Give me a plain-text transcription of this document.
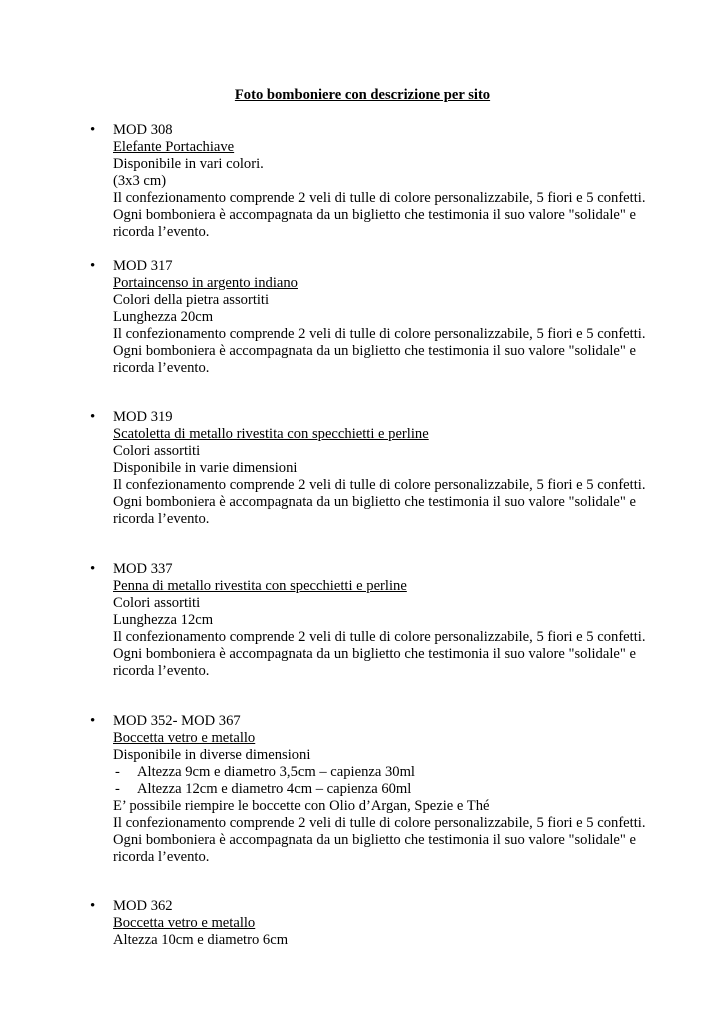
Foto bomboniere con descrizione per sito
• MOD 308
Elefante Portachiave
Disponibile in vari colori.
(3x3 cm)
Il confezionamento comprende 2 veli di tulle di colore personalizzabile, 5 fiori e 5 confetti.
Ogni bomboniera è accompagnata da un biglietto che testimonia il suo valore "solidale" e
ricorda l’evento.
• MOD 317
Portaincenso in argento indiano
Colori della pietra assortiti
Lunghezza 20cm
Il confezionamento comprende 2 veli di tulle di colore personalizzabile, 5 fiori e 5 confetti.
Ogni bomboniera è accompagnata da un biglietto che testimonia il suo valore "solidale" e
ricorda l’evento.
• MOD 319
Scatoletta di metallo rivestita con specchietti e perline
Colori assortiti
Disponibile in varie dimensioni
Il confezionamento comprende 2 veli di tulle di colore personalizzabile, 5 fiori e 5 confetti.
Ogni bomboniera è accompagnata da un biglietto che testimonia il suo valore "solidale" e
ricorda l’evento.
• MOD 337
Penna di metallo rivestita con specchietti e perline
Colori assortiti
Lunghezza 12cm
Il confezionamento comprende 2 veli di tulle di colore personalizzabile, 5 fiori e 5 confetti.
Ogni bomboniera è accompagnata da un biglietto che testimonia il suo valore "solidale" e
ricorda l’evento.
• MOD 352- MOD 367
Boccetta vetro e metallo
Disponibile in diverse dimensioni
- Altezza 9cm e diametro 3,5cm – capienza 30ml
- Altezza 12cm e diametro 4cm – capienza 60ml
E’ possibile riempire le boccette con Olio d’Argan, Spezie e Thé
Il confezionamento comprende 2 veli di tulle di colore personalizzabile, 5 fiori e 5 confetti.
Ogni bomboniera è accompagnata da un biglietto che testimonia il suo valore "solidale" e
ricorda l’evento.
• MOD 362
Boccetta vetro e metallo
Altezza 10cm e diametro 6cm
